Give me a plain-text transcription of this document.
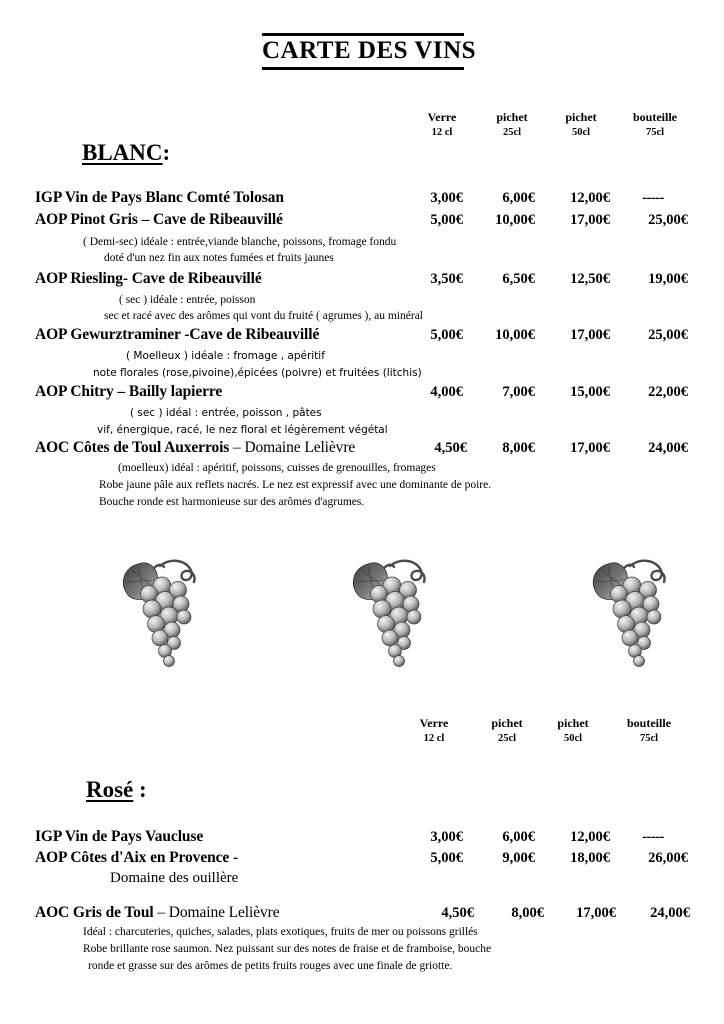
CARTE DES VINS
Verre
12 cl
pichet
25cl
pichet
50cl
bouteille
75cl
BLANC:
IGP Vin de Pays Blanc Comté Tolosan	3,00€	6,00€	12,00€	-----
AOP Pinot Gris – Cave de Ribeauvillé	5,00€	10,00€	17,00€	25,00€
( Demi-sec) idéale : entrée,viande blanche, poissons, fromage fondu
doté d'un nez fin aux notes fumées et fruits jaunes
AOP Riesling- Cave de Ribeauvillé	3,50€	6,50€	12,50€	19,00€
( sec ) idéale : entrée, poisson
sec et racé avec des arômes qui vont du fruité ( agrumes ), au minéral
AOP Gewurztraminer -Cave de Ribeauvillé	5,00€	10,00€	17,00€	25,00€
( Moelleux ) idéale : fromage , apéritif
note florales (rose,pivoine),épicées (poivre) et fruitées (litchis)
AOP Chitry – Bailly lapierre	4,00€	7,00€	15,00€	22,00€
( sec ) idéal : entrée, poisson , pâtes
vif, énergique, racé, le nez floral et légèrement végétal
AOC Côtes de Toul Auxerrois – Domaine Lelièvre	4,50€	8,00€	17,00€	24,00€
(moelleux) idéal : apéritif, poissons, cuisses de grenouilles, fromages
Robe jaune pâle aux reflets nacrés. Le nez est expressif avec une dominante de poire.
Bouche ronde est harmonieuse sur des arômes d'agrumes.
Verre
12 cl
pichet
25cl
pichet
50cl
bouteille
75cl
Rosé :
IGP Vin de Pays Vaucluse	3,00€	6,00€	12,00€	-----
AOP Côtes d'Aix en Provence -	5,00€	9,00€	18,00€	26,00€
Domaine des ouillère
AOC Gris de Toul – Domaine Lelièvre	4,50€	8,00€	17,00€	24,00€
Idéal : charcuteries, quiches, salades, plats exotiques, fruits de mer ou poissons grillés
Robe brillante rose saumon. Nez puissant sur des notes de fraise et de framboise, bouche
ronde et grasse sur des arômes de petits fruits rouges avec une finale de griotte.
